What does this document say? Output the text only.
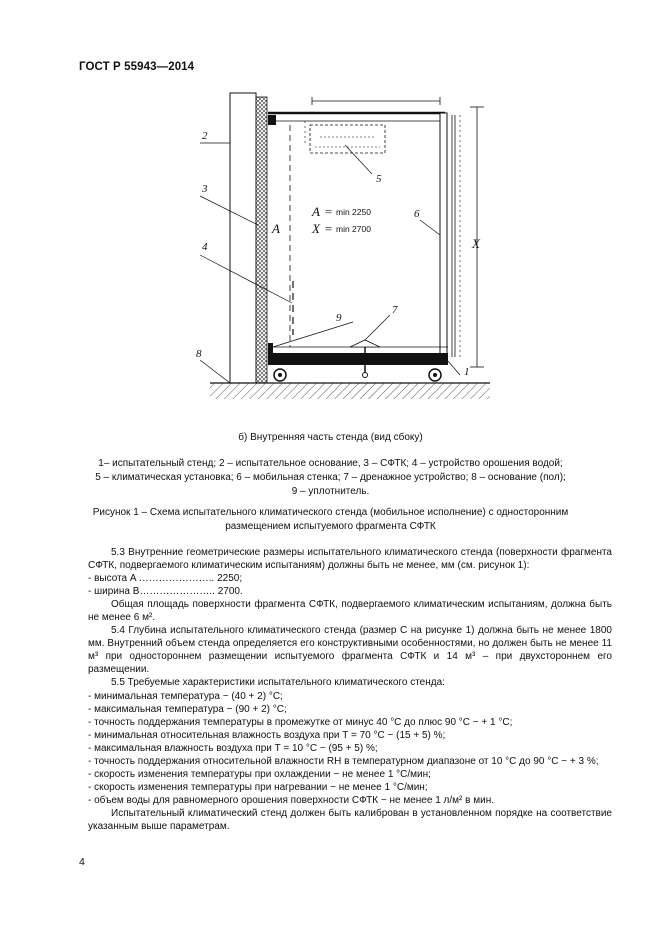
ГОСТ Р 55943—2014
2
3
4
5
6
7
8
9
1
A
X
A = min 2250
X = min 2700
б) Внутренняя часть стенда (вид сбоку)
1– испытательный стенд; 2 – испытательное основание, 3 – СФТК; 4 – устройство орошения водой;
5 – климатическая установка; 6 – мобильная стенка; 7 – дренажное устройство; 8 – основание (пол);
9 – уплотнитель.
Рисунок 1 – Схема испытательного климатического стенда (мобильное исполнение) с односторонним
размещением испытуемого фрагмента СФТК

5.3 Внутренние геометрические размеры испытательного климатического стенда (поверхности фрагмента СФТК, подвергаемого климатическим испытаниям) должны быть не менее, мм (см. рисунок 1):

- высота A ………………….. 2250;

- ширина B………………….. 2700.

Общая площадь поверхности фрагмента СФТК, подвергаемого климатическим испытаниям, должна быть не менее 6 м².

5.4 Глубина испытательного климатического стенда (размер C на рисунке 1) должна быть не менее 1800 мм. Внутренний объем стенда определяется его конструктивными особенностями, но должен быть не менее 11 м³ при одностороннем размещении испытуемого фрагмента СФТК и 14 м³ – при двухстороннем его размещении.

5.5 Требуемые характеристики испытательного климатического стенда:

- минимальная температура − (40 + 2) °C;

- максимальная температура − (90 + 2) °C;

- точность поддержания температуры в промежутке от минус 40 °C до плюс 90 °C − + 1 °C;

- минимальная относительная влажность воздуха при T = 70 °C − (15 + 5) %;

- максимальная влажность воздуха при T = 10 °C − (95 + 5) %;

- точность поддержания относительной влажности RH в температурном диапазоне от 10 °C до 90 °C − + 3 %;

- скорость изменения температуры при охлаждении − не менее 1 °C/мин;

- скорость изменения температуры при нагревании − не менее 1 °C/мин;

- объем воды для равномерного орошения поверхности СФТК − не менее 1 л/м² в мин.

Испытательный климатический стенд должен быть калиброван в установленном порядке на соответствие указанным выше параметрам.

4
